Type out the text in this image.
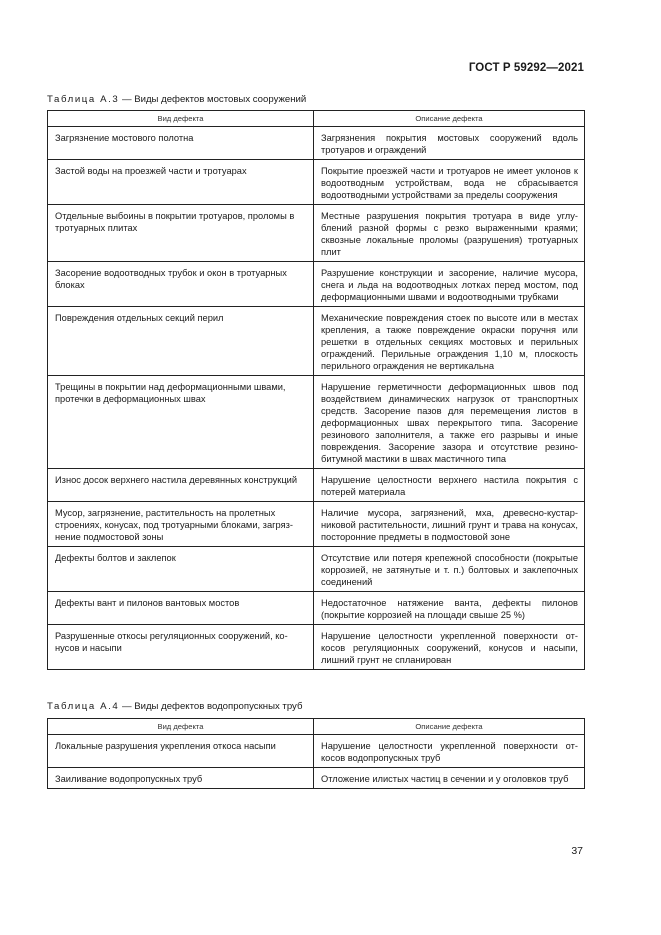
ГОСТ Р 59292—2021
Таблица А.3 — Виды дефектов мостовых сооружений
Вид дефекта	Описание дефекта
Загрязнение мостового полотна	Загрязнения покрытия мостовых сооружений вдоль тротуаров и ограждений
Застой воды на проезжей части и тротуарах	Покрытие проезжей части и тротуаров не имеет уклонов к водоотводным устройствам, вода не сбрасывается водоотводными устройствами за пределы сооружения
Отдельные выбоины в покрытии тротуаров, проломы в тротуарных плитах	Местные разрушения покрытия тротуара в виде углублений разной формы с резко выраженными краями; сквозные локальные проломы (разрушения) тротуарных плит
Засорение водоотводных трубок и окон в тротуарных блоках	Разрушение конструкции и засорение, наличие мусора, снега и льда на водоотводных лотках перед мостом, под деформационными швами и водоотводными трубками
Повреждения отдельных секций перил	Механические повреждения стоек по высоте или в местах крепления, а также повреждение окраски поручня или решетки в отдельных секциях мостовых и перильных ограждений. Перильные ограждения 1,10 м, плоскость перильного ограждения не вертикальна
Трещины в покрытии над деформационными швами, протечки в деформационных швах	Нарушение герметичности деформационных швов под воздействием динамических нагрузок от транспортных средств. Засорение пазов для перемещения листов в деформационных швах перекрытого типа. Засорение резинового заполнителя, а также его разрывы и иные повреждения. Засорение зазора и отсутствие резинобитумной мастики в швах мастичного типа
Износ досок верхнего настила деревянных конструкций	Нарушение целостности верхнего настила покрытия с потерей материала
Мусор, загрязнение, растительность на пролетных строениях, конусах, под тротуарными блоками, загрязнение подмостовой зоны	Наличие мусора, загрязнений, мха, древесно-кустарниковой растительности, лишний грунт и трава на конусах, посторонние предметы в подмостовой зоне
Дефекты болтов и заклепок	Отсутствие или потеря крепежной способности (покрытые коррозией, не затянутые и т. п.) болтовых и заклепочных соединений
Дефекты вант и пилонов вантовых мостов	Недостаточное натяжение ванта, дефекты пилонов (покрытие коррозией на площади свыше 25 %)
Разрушенные откосы регуляционных сооружений, конусов и насыпи	Нарушение целостности укрепленной поверхности откосов регуляционных сооружений, конусов и насыпи, лишний грунт не спланирован
Таблица А.4 — Виды дефектов водопропускных труб
Вид дефекта	Описание дефекта
Локальные разрушения укрепления откоса насыпи	Нарушение целостности укрепленной поверхности откосов водопропускных труб
Заиливание водопропускных труб	Отложение илистых частиц в сечении и у оголовков труб
37
